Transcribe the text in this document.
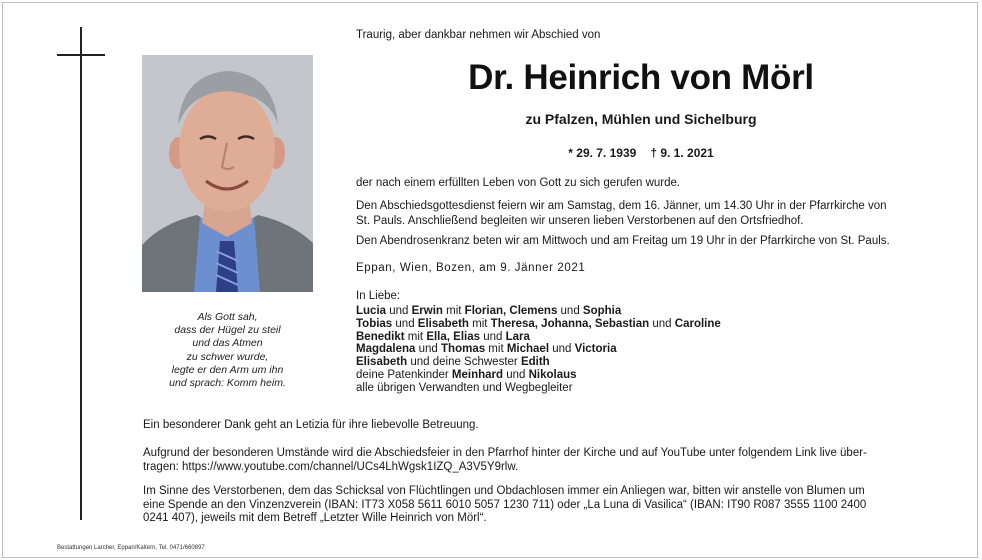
Als Gott sah,
dass der Hügel zu steil
und das Atmen
zu schwer wurde,
legte er den Arm um ihn
und sprach: Komm heim.
Traurig, aber dankbar nehmen wir Abschied von
Dr. Heinrich von Mörl
zu Pfalzen, Mühlen und Sichelburg
* 29. 7. 1939 † 9. 1. 2021
der nach einem erfüllten Leben von Gott zu sich gerufen wurde.
Den Abschiedsgottesdienst feiern wir am Samstag, dem 16. Jänner, um 14.30 Uhr in der Pfarrkirche von
St. Pauls. Anschließend begleiten wir unseren lieben Verstorbenen auf den Ortsfriedhof.
Den Abendrosenkranz beten wir am Mittwoch und am Freitag um 19 Uhr in der Pfarrkirche von St. Pauls.
Eppan, Wien, Bozen, am 9. Jänner 2021
In Liebe:
Lucia und Erwin mit Florian, Clemens und Sophia
Tobias und Elisabeth mit Theresa, Johanna, Sebastian und Caroline
Benedikt mit Ella, Elias und Lara
Magdalena und Thomas mit Michael und Victoria
Elisabeth und deine Schwester Edith
deine Patenkinder Meinhard und Nikolaus
alle übrigen Verwandten und Wegbegleiter
Ein besonderer Dank geht an Letizia für ihre liebevolle Betreuung.
Aufgrund der besonderen Umstände wird die Abschiedsfeier in den Pfarrhof hinter der Kirche und auf YouTube unter folgendem Link live über-
tragen: https://www.youtube.com/channel/UCs4LhWgsk1IZQ_A3V5Y9rlw.
Im Sinne des Verstorbenen, dem das Schicksal von Flüchtlingen und Obdachlosen immer ein Anliegen war, bitten wir anstelle von Blumen um
eine Spende an den Vinzenzverein (IBAN: IT73 X058 5611 6010 5057 1230 711) oder „La Luna di Vasilica“ (IBAN: IT90 R087 3555 1100 2400
0241 407), jeweils mit dem Betreff „Letzter Wille Heinrich von Mörl“.
Bestattungen Larcher, Eppan/Kaltern, Tel. 0471/660897
